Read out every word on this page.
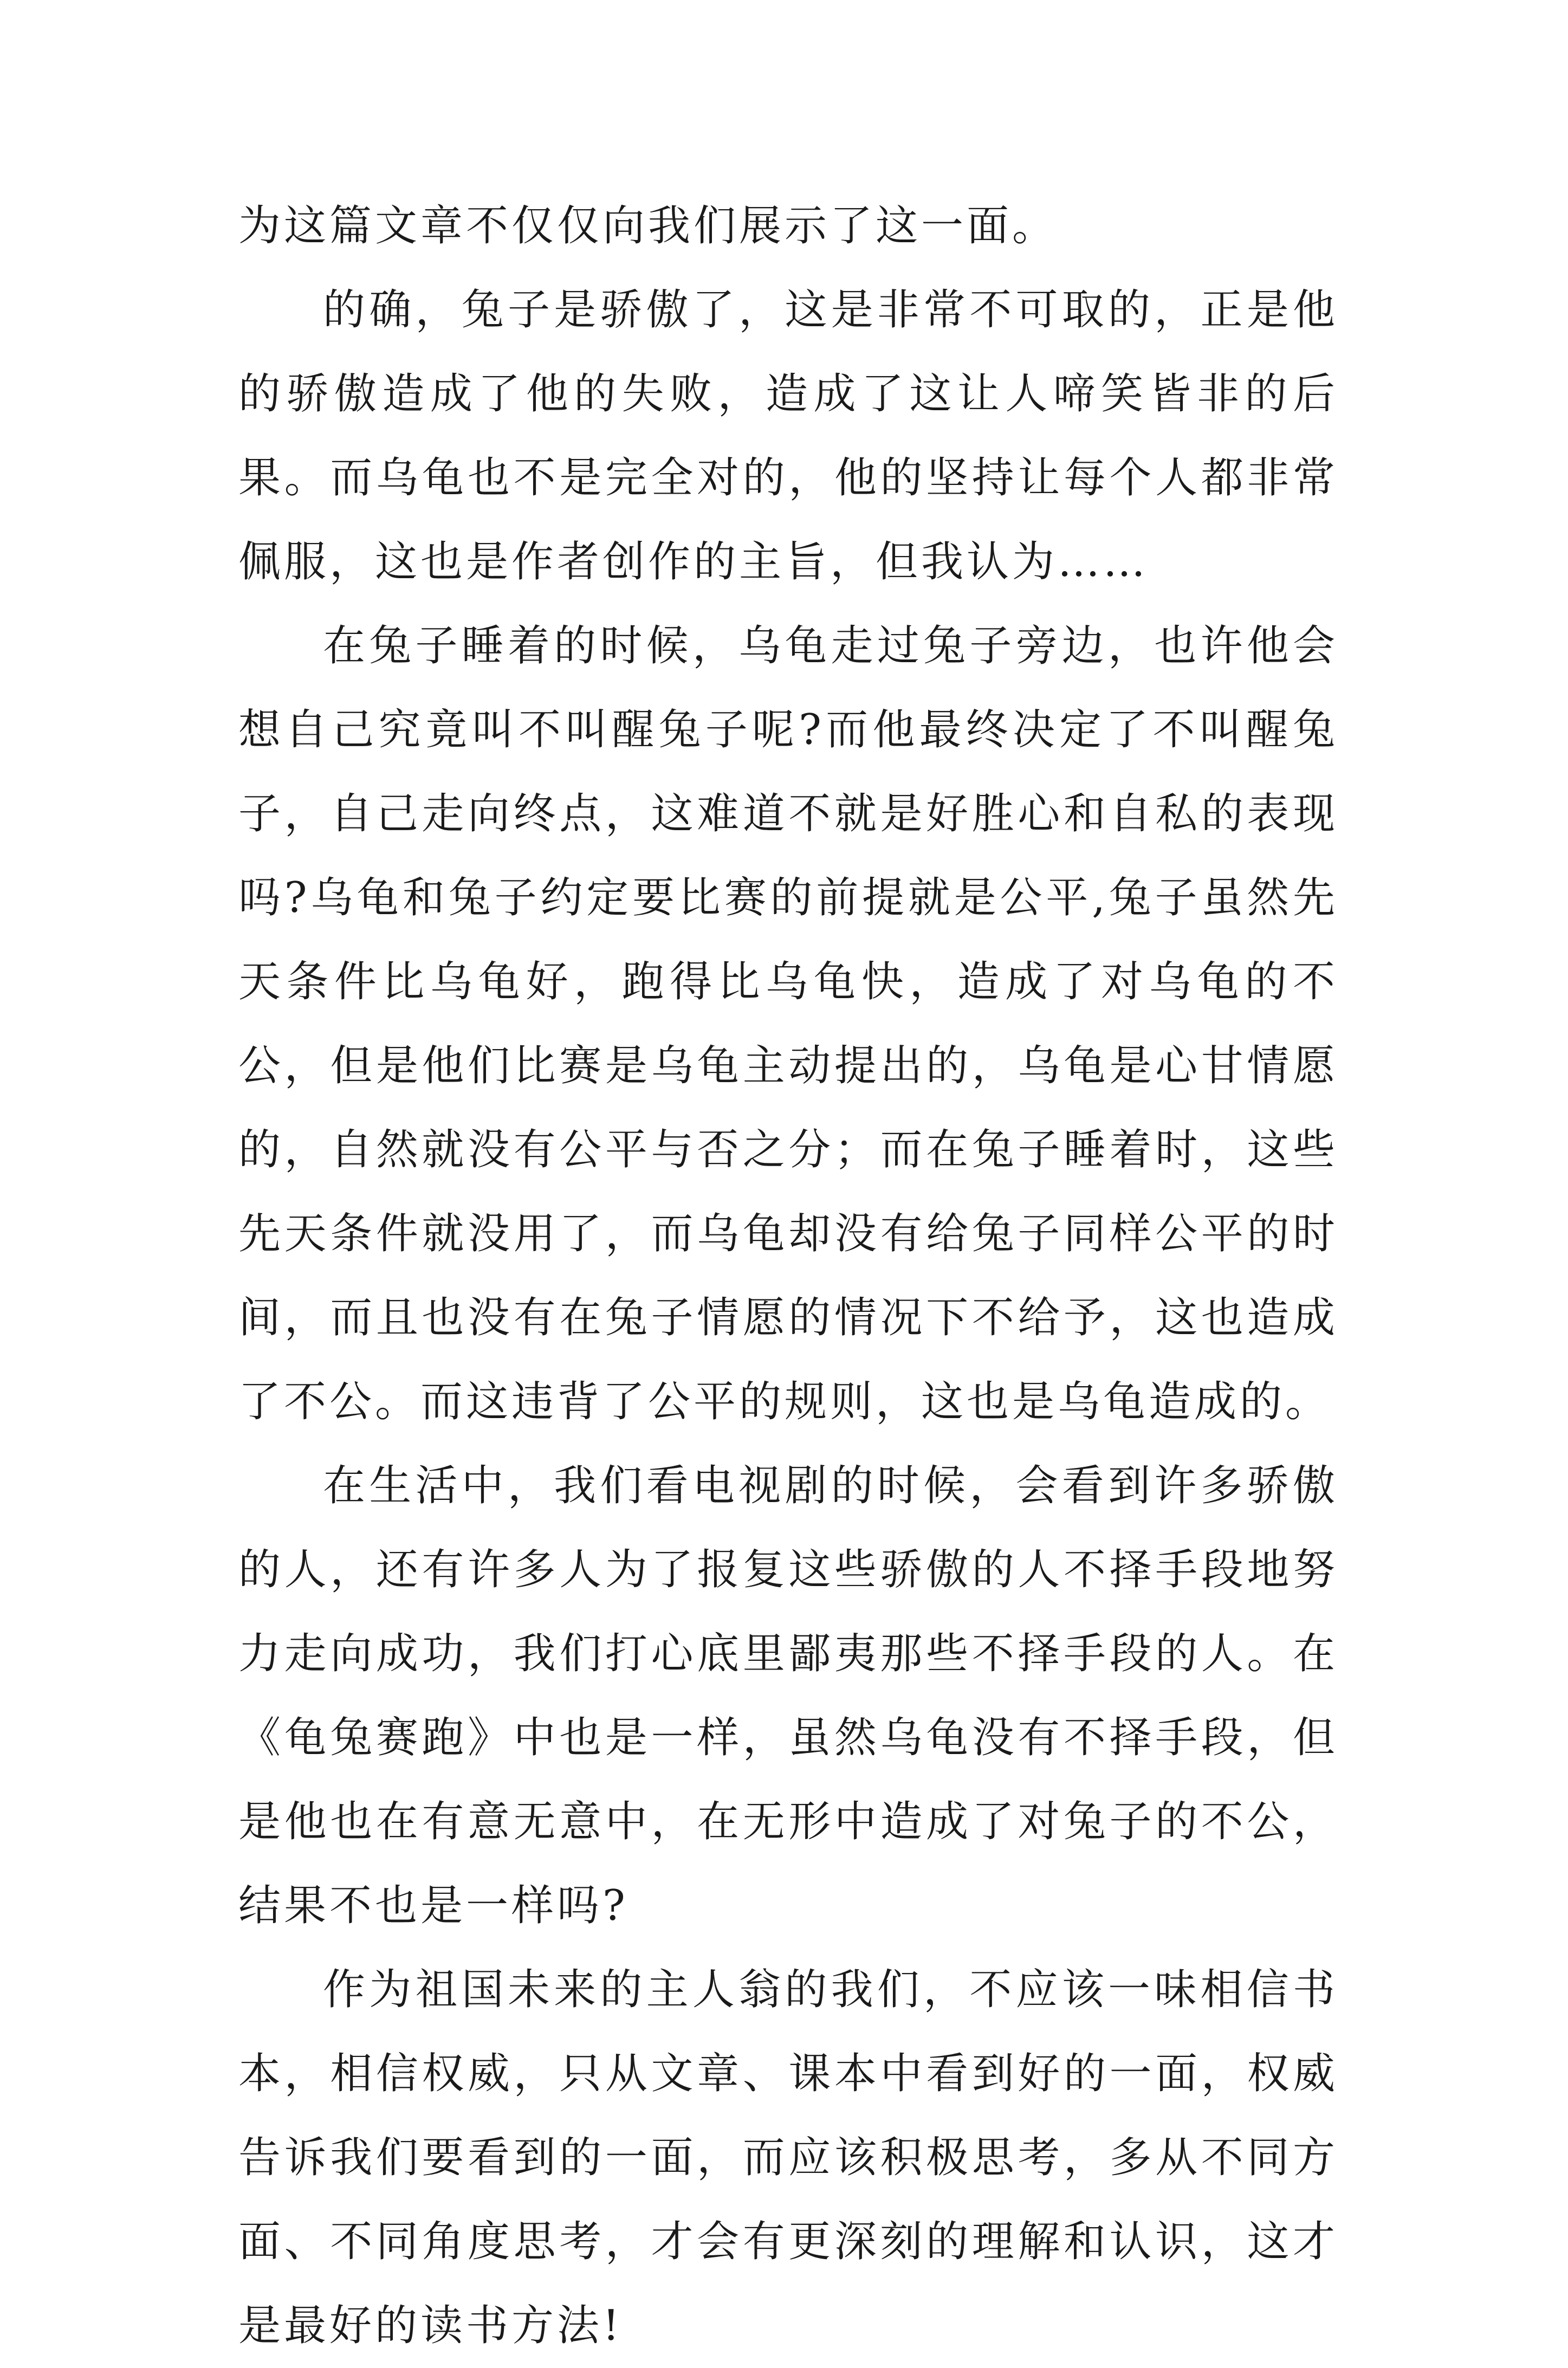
为这篇文章不仅仅向我们展示了这一面。

的确，兔子是骄傲了，这是非常不可取的，正是他的骄傲造成了他的失败，造成了这让人啼笑皆非的后果。而乌龟也不是完全对的，他的坚持让每个人都非常佩服，这也是作者创作的主旨，但我认为……

在兔子睡着的时候，乌龟走过兔子旁边，也许他会想自己究竟叫不叫醒兔子呢?而他最终决定了不叫醒兔子，自己走向终点，这难道不就是好胜心和自私的表现吗?乌龟和兔子约定要比赛的前提就是公平,兔子虽然先天条件比乌龟好，跑得比乌龟快，造成了对乌龟的不公，但是他们比赛是乌龟主动提出的，乌龟是心甘情愿的，自然就没有公平与否之分；而在兔子睡着时，这些先天条件就没用了，而乌龟却没有给兔子同样公平的时间，而且也没有在兔子情愿的情况下不给予，这也造成了不公。而这违背了公平的规则，这也是乌龟造成的。

在生活中，我们看电视剧的时候，会看到许多骄傲的人，还有许多人为了报复这些骄傲的人不择手段地努力走向成功，我们打心底里鄙夷那些不择手段的人。在《龟兔赛跑》中也是一样，虽然乌龟没有不择手段，但是他也在有意无意中，在无形中造成了对兔子的不公，结果不也是一样吗?

作为祖国未来的主人翁的我们，不应该一味相信书本，相信权威，只从文章、课本中看到好的一面，权威告诉我们要看到的一面，而应该积极思考，多从不同方面、不同角度思考，才会有更深刻的理解和认识，这才是最好的读书方法!
